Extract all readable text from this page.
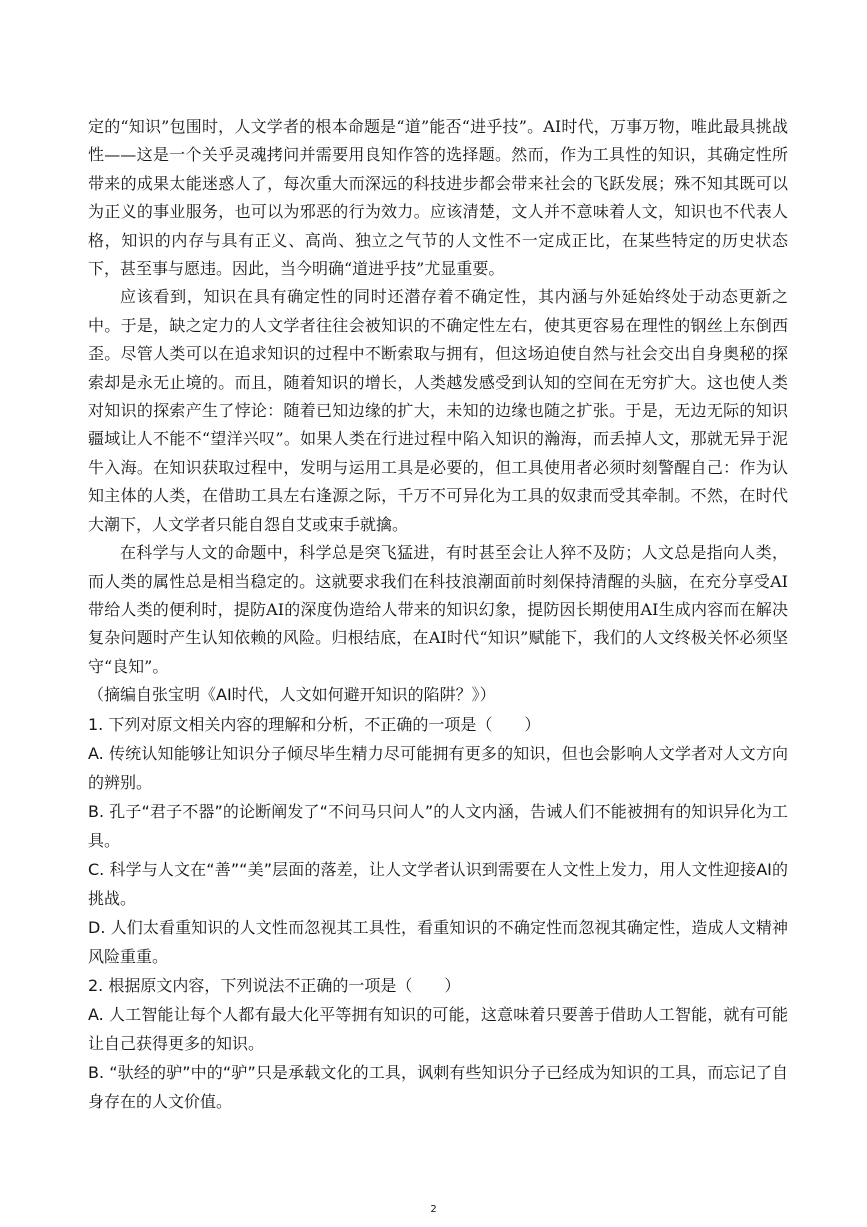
定的“知识”包围时，人文学者的根本命题是“道”能否“进乎技”。AI时代，万事万物，唯此最具挑战性——这是一个关乎灵魂拷问并需要用良知作答的选择题。然而，作为工具性的知识，其确定性所带来的成果太能迷惑人了，每次重大而深远的科技进步都会带来社会的飞跃发展；殊不知其既可以为正义的事业服务，也可以为邪恶的行为效力。应该清楚，文人并不意味着人文，知识也不代表人格，知识的内存与具有正义、高尚、独立之气节的人文性不一定成正比，在某些特定的历史状态下，甚至事与愿违。因此，当今明确“道进乎技”尤显重要。

应该看到，知识在具有确定性的同时还潜存着不确定性，其内涵与外延始终处于动态更新之中。于是，缺之定力的人文学者往往会被知识的不确定性左右，使其更容易在理性的钢丝上东倒西歪。尽管人类可以在追求知识的过程中不断索取与拥有，但这场迫使自然与社会交出自身奥秘的探索却是永无止境的。而且，随着知识的增长，人类越发感受到认知的空间在无穷扩大。这也使人类对知识的探索产生了悖论：随着已知边缘的扩大，未知的边缘也随之扩张。于是，无边无际的知识疆域让人不能不“望洋兴叹”。如果人类在行进过程中陷入知识的瀚海，而丢掉人文，那就无异于泥牛入海。在知识获取过程中，发明与运用工具是必要的，但工具使用者必须时刻警醒自己：作为认知主体的人类，在借助工具左右逢源之际，千万不可异化为工具的奴隶而受其牵制。不然，在时代大潮下，人文学者只能自怨自艾或束手就擒。

在科学与人文的命题中，科学总是突飞猛进，有时甚至会让人猝不及防；人文总是指向人类，而人类的属性总是相当稳定的。这就要求我们在科技浪潮面前时刻保持清醒的头脑，在充分享受AI带给人类的便利时，提防AI的深度伪造给人带来的知识幻象，提防因长期使用AI生成内容而在解决复杂问题时产生认知依赖的风险。归根结底，在AI时代“知识”赋能下，我们的人文终极关怀必须坚守“良知”。

（摘编自张宝明《AI时代，人文如何避开知识的陷阱？》）

1. 下列对原文相关内容的理解和分析，不正确的一项是（　　）

A. 传统认知能够让知识分子倾尽毕生精力尽可能拥有更多的知识，但也会影响人文学者对人文方向的辨别。

B. 孔子“君子不器”的论断阐发了“不问马只问人”的人文内涵，告诫人们不能被拥有的知识异化为工具。

C. 科学与人文在“善”“美”层面的落差，让人文学者认识到需要在人文性上发力，用人文性迎接AI的挑战。

D. 人们太看重知识的人文性而忽视其工具性，看重知识的不确定性而忽视其确定性，造成人文精神风险重重。

2. 根据原文内容，下列说法不正确的一项是（　　）

A. 人工智能让每个人都有最大化平等拥有知识的可能，这意味着只要善于借助人工智能，就有可能让自己获得更多的知识。

B. “驮经的驴”中的“驴”只是承载文化的工具，讽刺有些知识分子已经成为知识的工具，而忘记了自身存在的人文价值。

2
